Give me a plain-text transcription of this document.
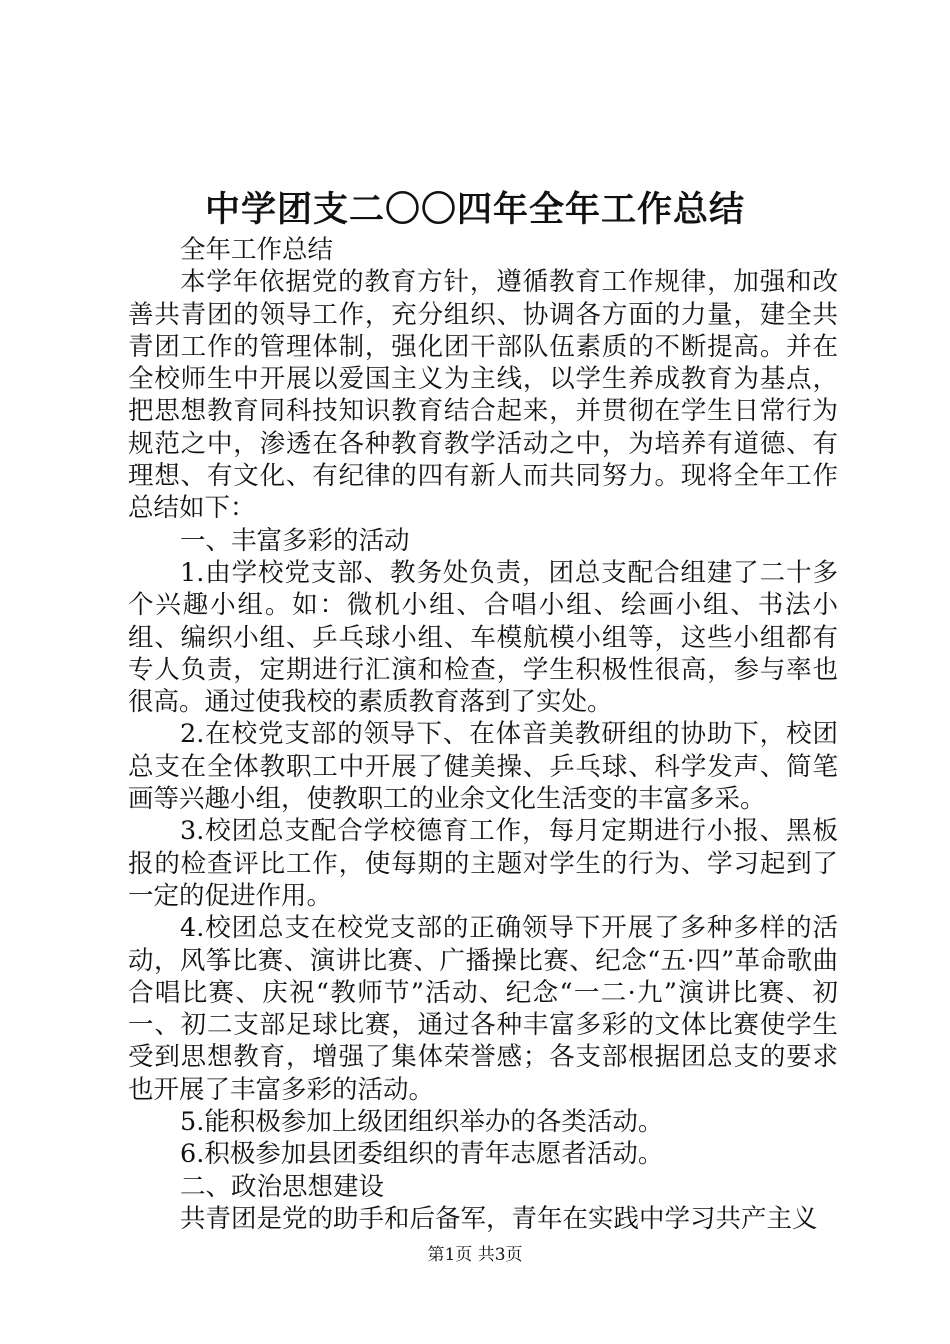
中学团支二〇〇四年全年工作总结

全年工作总结

本学年依据党的教育方针，遵循教育工作规律，加强和改善共青团的领导工作，充分组织、协调各方面的力量，建全共青团工作的管理体制，强化团干部队伍素质的不断提高。并在全校师生中开展以爱国主义为主线，以学生养成教育为基点，把思想教育同科技知识教育结合起来，并贯彻在学生日常行为规范之中，渗透在各种教育教学活动之中，为培养有道德、有理想、有文化、有纪律的四有新人而共同努力。现将全年工作总结如下：

一、丰富多彩的活动

1.由学校党支部、教务处负责，团总支配合组建了二十多个兴趣小组。如：微机小组、合唱小组、绘画小组、书法小组、编织小组、乒乓球小组、车模航模小组等，这些小组都有专人负责，定期进行汇演和检查，学生积极性很高，参与率也很高。通过使我校的素质教育落到了实处。

2.在校党支部的领导下、在体音美教研组的协助下，校团总支在全体教职工中开展了健美操、乒乓球、科学发声、简笔画等兴趣小组，使教职工的业余文化生活变的丰富多采。

3.校团总支配合学校德育工作，每月定期进行小报、黑板报的检查评比工作，使每期的主题对学生的行为、学习起到了一定的促进作用。

4.校团总支在校党支部的正确领导下开展了多种多样的活动，风筝比赛、演讲比赛、广播操比赛、纪念“五·四”革命歌曲合唱比赛、庆祝“教师节”活动、纪念“一二·九”演讲比赛、初一、初二支部足球比赛，通过各种丰富多彩的文体比赛使学生受到思想教育，增强了集体荣誉感；各支部根据团总支的要求也开展了丰富多彩的活动。

5.能积极参加上级团组织举办的各类活动。

6.积极参加县团委组织的青年志愿者活动。

二、政治思想建设

共青团是党的助手和后备军，青年在实践中学习共产主义

第1页 共3页
